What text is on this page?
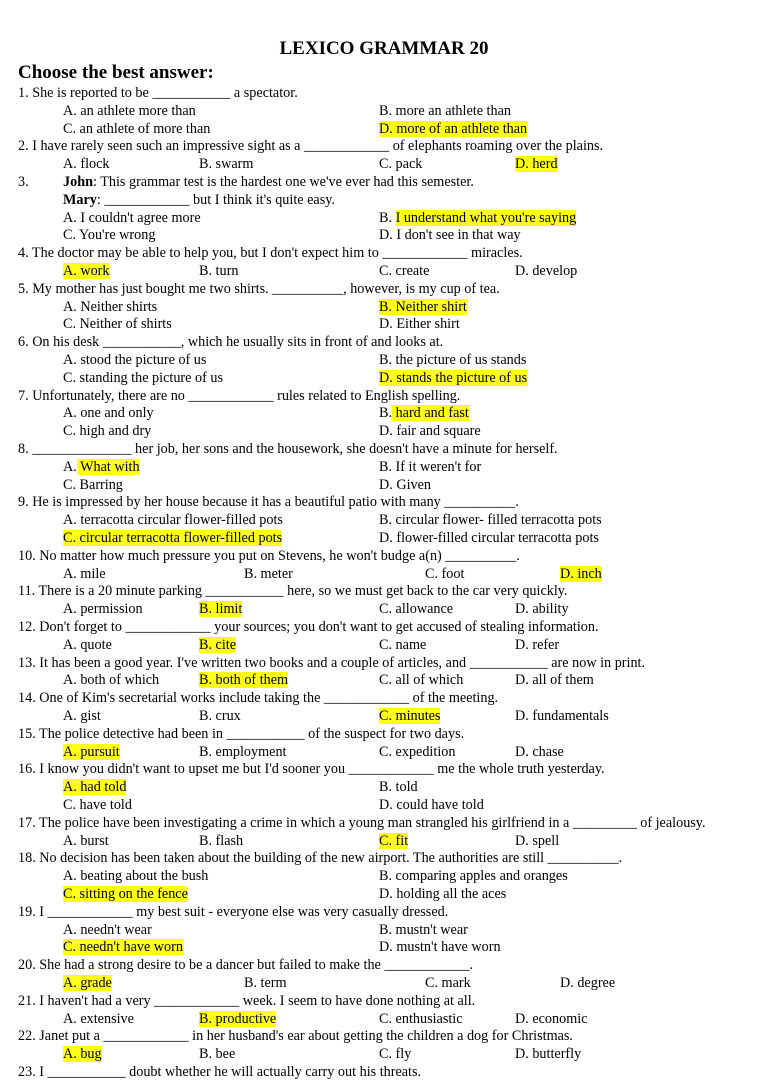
LEXICO GRAMMAR 20
Choose the best answer:
1. She is reported to be ___________ a spectator.
A. an athlete more than	B. more an athlete than
C. an athlete of more than	D. more of an athlete than
2. I have rarely seen such an impressive sight as a ____________ of elephants roaming over the plains.
A. flock	B. swarm	C. pack	D. herd
3. John: This grammar test is the hardest one we've ever had this semester.
Mary: ____________ but I think it's quite easy.
A. I couldn't agree more	B. I understand what you're saying
C. You're wrong	D. I don't see in that way
4. The doctor may be able to help you, but I don't expect him to ____________ miracles.
A. work	B. turn	C. create	D. develop
5. My mother has just bought me two shirts. __________, however, is my cup of tea.
A. Neither shirts	B. Neither shirt
C. Neither of shirts	D. Either shirt
6. On his desk ___________, which he usually sits in front of and looks at.
A. stood the picture of us	B. the picture of us stands
C. standing the picture of us	D. stands the picture of us
7. Unfortunately, there are no ____________ rules related to English spelling.
A. one and only	B. hard and fast
C. high and dry	D. fair and square
8. ______________ her job, her sons and the housework, she doesn't have a minute for herself.
A. What with	B. If it weren't for
C. Barring	D. Given
9. He is impressed by her house because it has a beautiful patio with many __________.
A. terracotta circular flower-filled pots	B. circular flower- filled terracotta pots
C. circular terracotta flower-filled pots	D. flower-filled circular terracotta pots
10. No matter how much pressure you put on Stevens, he won't budge a(n) __________.
A. mile	B. meter	C. foot	D. inch
11. There is a 20 minute parking ___________ here, so we must get back to the car very quickly.
A. permission	B. limit	C. allowance	D. ability
12. Don't forget to ____________ your sources; you don't want to get accused of stealing information.
A. quote	B. cite	C. name	D. refer
13. It has been a good year. I've written two books and a couple of articles, and ___________ are now in print.
A. both of which	B. both of them	C. all of which	D. all of them
14. One of Kim's secretarial works include taking the ____________ of the meeting.
A. gist	B. crux	C. minutes	D. fundamentals
15. The police detective had been in ___________ of the suspect for two days.
A. pursuit	B. employment	C. expedition	D. chase
16. I know you didn't want to upset me but I'd sooner you ____________ me the whole truth yesterday.
A. had told	B. told
C. have told	D. could have told
17. The police have been investigating a crime in which a young man strangled his girlfriend in a _________ of jealousy.
A. burst	B. flash	C. fit	D. spell
18. No decision has been taken about the building of the new airport. The authorities are still __________.
A. beating about the bush	B. comparing apples and oranges
C. sitting on the fence	D. holding all the aces
19. I ____________ my best suit - everyone else was very casually dressed.
A. needn't wear	B. mustn't wear
C. needn't have worn	D. mustn't have worn
20. She had a strong desire to be a dancer but failed to make the ____________.
A. grade	B. term	C. mark	D. degree
21. I haven't had a very ____________ week. I seem to have done nothing at all.
A. extensive	B. productive	C. enthusiastic	D. economic
22. Janet put a ____________ in her husband's ear about getting the children a dog for Christmas.
A. bug	B. bee	C. fly	D. butterfly
23. I ___________ doubt whether he will actually carry out his threats.
